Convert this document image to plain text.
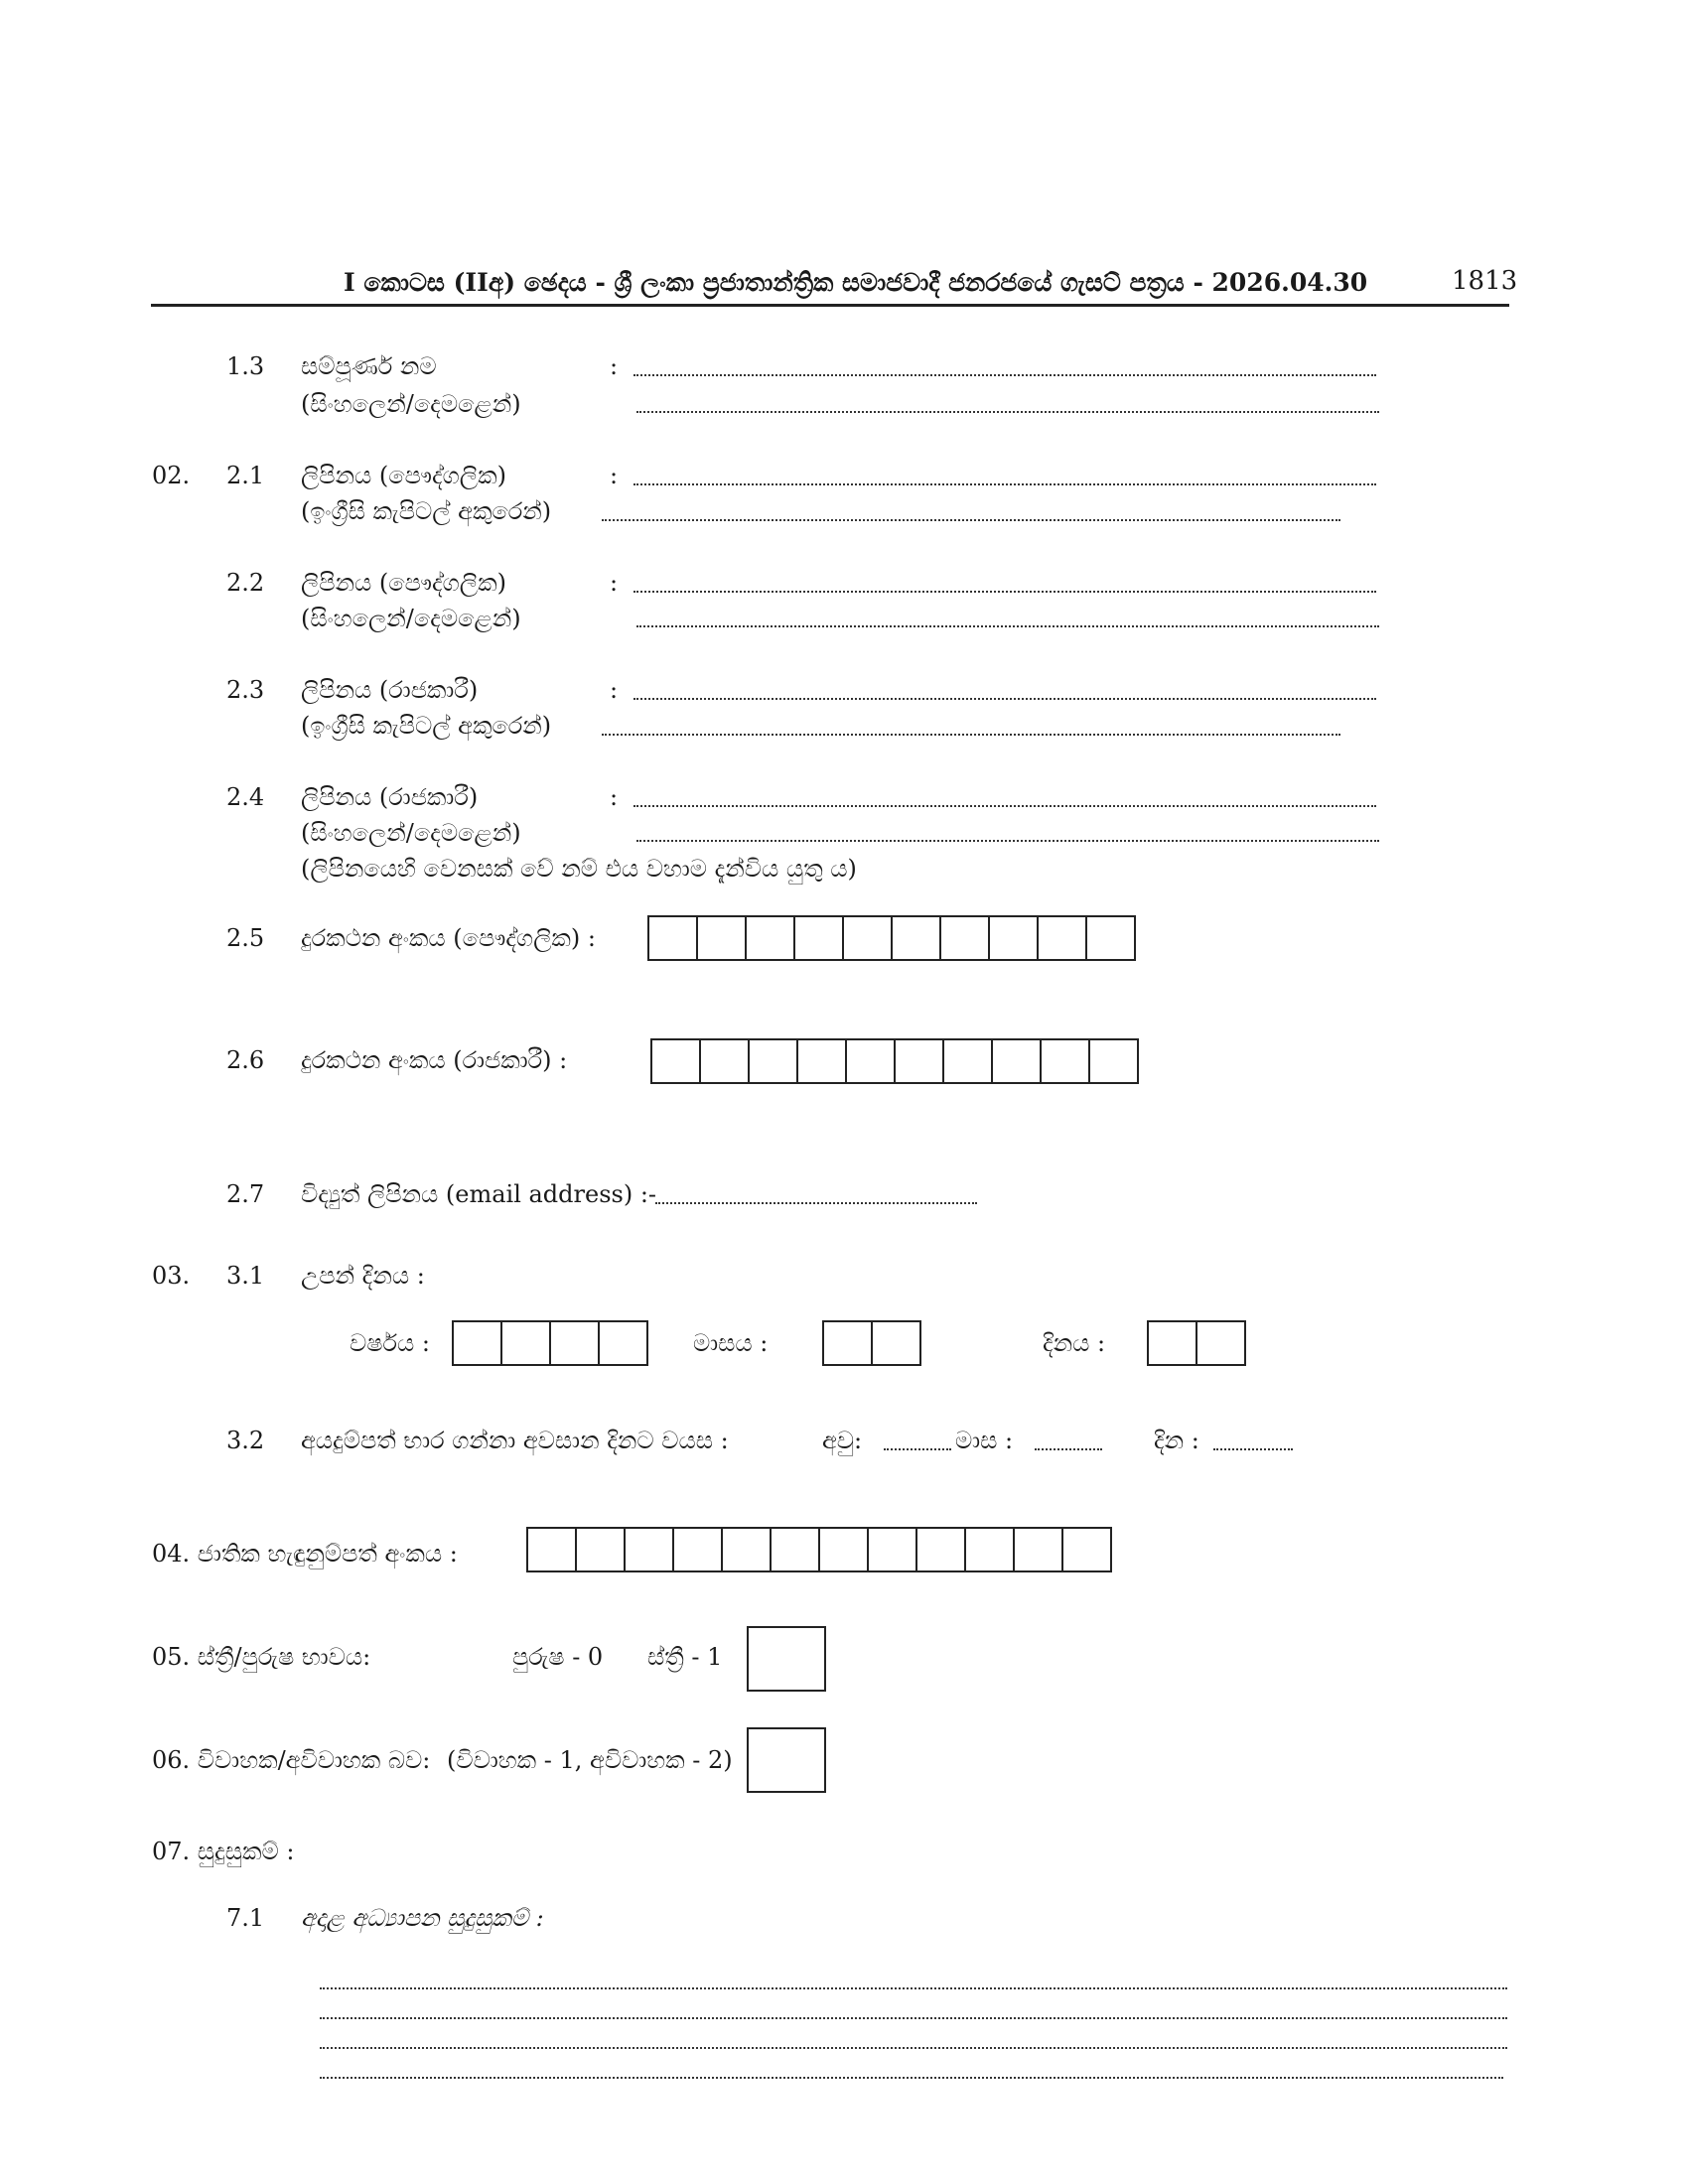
I කොටස (IIඅ) ඡෙදය - ශ්‍රී ලංකා ප්‍රජාතාන්ත්‍රික සමාජවාදී ජනරජයේ ගැසට් පත්‍රය - 2026.04.30	1813
1.3 සම්පූර්ණ නම	:
(සිංහලෙන්/දෙමළෙන්)
02. 2.1 ලිපිනය (පෞද්ගලික)	:
(ඉංග්‍රීසි කැපිටල් අකුරෙන්)
2.2 ලිපිනය (පෞද්ගලික)	:
(සිංහලෙන්/දෙමළෙන්)
2.3 ලිපිනය (රාජකාරී)	:
(ඉංග්‍රීසි කැපිටල් අකුරෙන්)
2.4 ලිපිනය (රාජකාරී)	:
(සිංහලෙන්/දෙමළෙන්)
(ලිපිනයෙහි වෙනසක් වේ නම් එය වහාම දැන්විය යුතු ය)
2.5 දුරකථන අංකය (පෞද්ගලික) :
2.6 දුරකථන අංකය (රාජකාරී) :
2.7 විද්‍යුත් ලිපිනය (email address) :-
03. 3.1 උපන් දිනය :
වර්ෂය :	මාසය :	දිනය :
3.2 අයදුම්පත් භාර ගන්නා අවසාන දිනට වයස :	අවු:	මාස :	දින :
04. ජාතික හැඳුනුම්පත් අංකය :
05. ස්ත්‍රී/පුරුෂ භාවය:	පුරුෂ - 0 ස්ත්‍රී - 1
06. විවාහක/අවිවාහක බව: (විවාහක - 1, අවිවාහක - 2)
07. සුදුසුකම් :
7.1 අදාළ අධ්‍යාපන සුදුසුකම් :
